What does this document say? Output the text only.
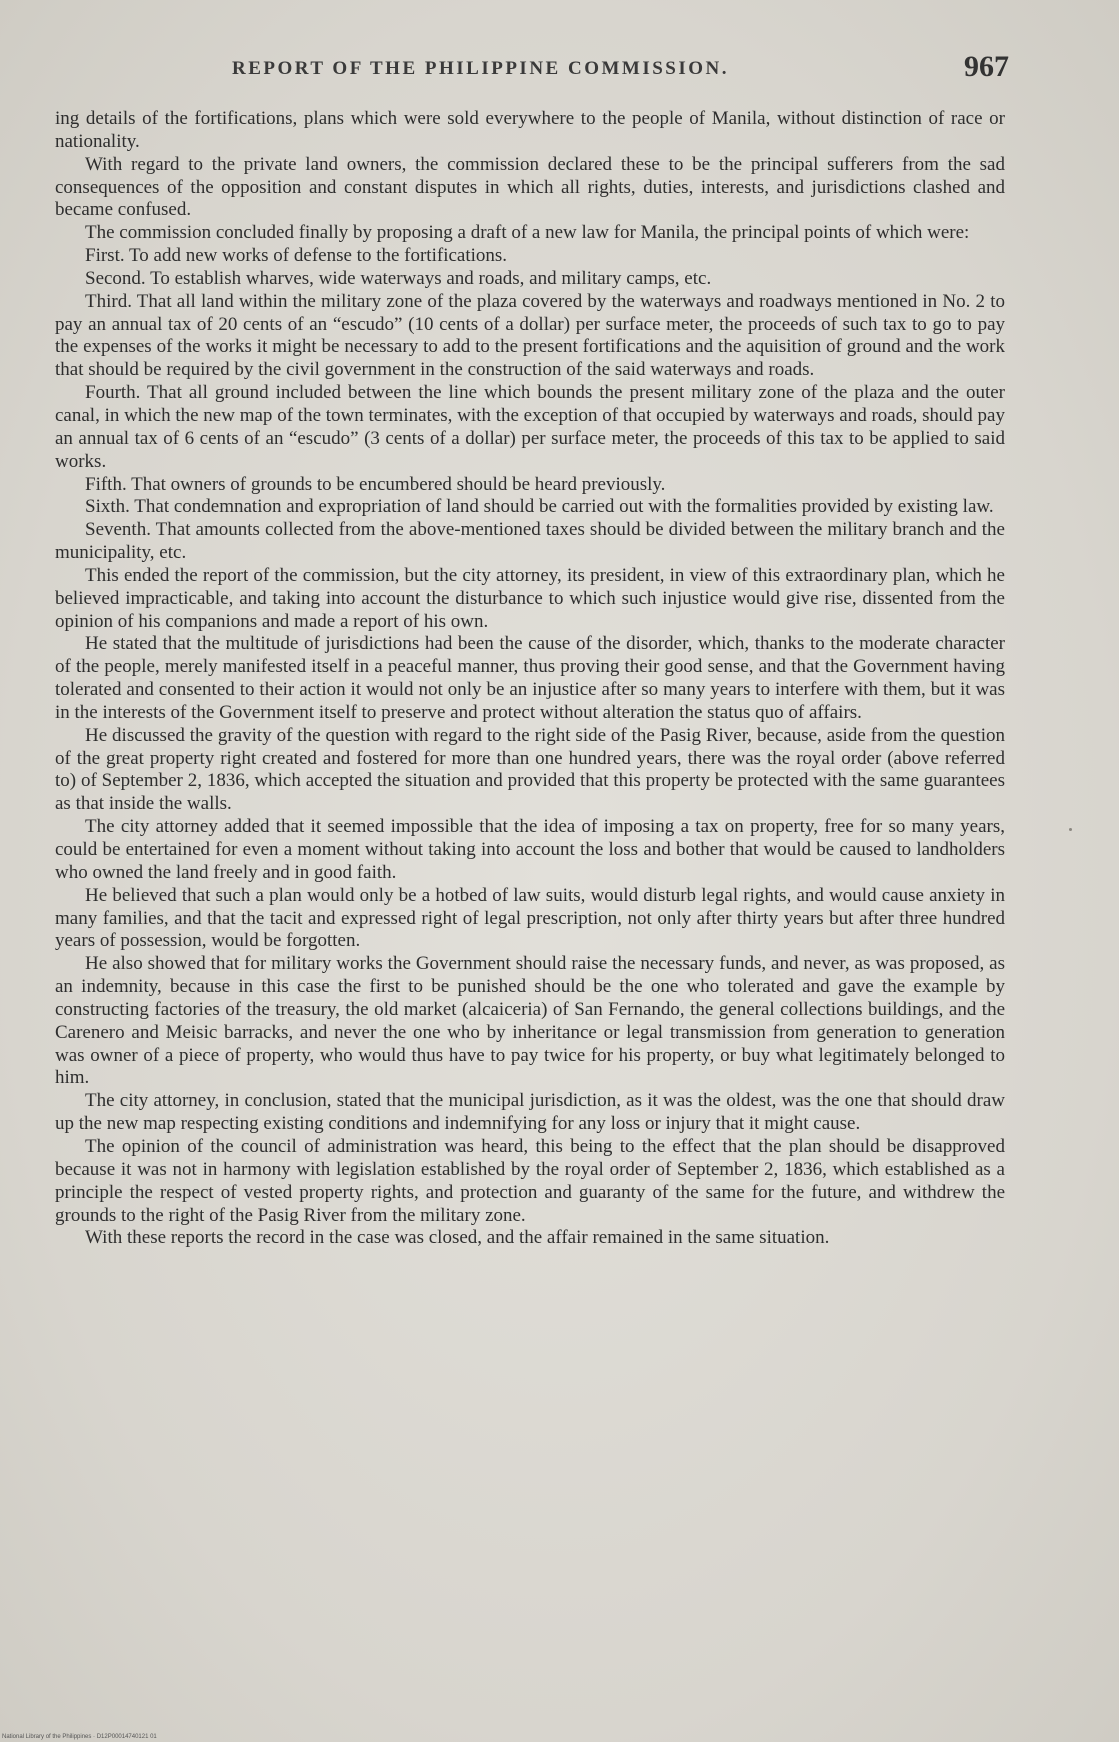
REPORT OF THE PHILIPPINE COMMISSION.	967

ing details of the fortifications, plans which were sold everywhere to the people of Manila, without distinction of race or nationality.

With regard to the private land owners, the commission declared these to be the principal sufferers from the sad consequences of the opposition and constant disputes in which all rights, duties, interests, and jurisdictions clashed and became confused.

The commission concluded finally by proposing a draft of a new law for Manila, the principal points of which were:

First. To add new works of defense to the fortifications.

Second. To establish wharves, wide waterways and roads, and military camps, etc.

Third. That all land within the military zone of the plaza covered by the waterways and roadways mentioned in No. 2 to pay an annual tax of 20 cents of an “escudo” (10 cents of a dollar) per surface meter, the proceeds of such tax to go to pay the expenses of the works it might be necessary to add to the present fortifications and the aquisition of ground and the work that should be required by the civil government in the construction of the said waterways and roads.

Fourth. That all ground included between the line which bounds the present military zone of the plaza and the outer canal, in which the new map of the town terminates, with the exception of that occupied by waterways and roads, should pay an annual tax of 6 cents of an “escudo” (3 cents of a dollar) per surface meter, the proceeds of this tax to be applied to said works.

Fifth. That owners of grounds to be encumbered should be heard previously.

Sixth. That condemnation and expropriation of land should be carried out with the formalities provided by existing law.

Seventh. That amounts collected from the above-mentioned taxes should be divided between the military branch and the municipality, etc.

This ended the report of the commission, but the city attorney, its president, in view of this extraordinary plan, which he believed impracticable, and taking into account the disturbance to which such injustice would give rise, dissented from the opinion of his companions and made a report of his own.

He stated that the multitude of jurisdictions had been the cause of the disorder, which, thanks to the moderate character of the people, merely manifested itself in a peaceful manner, thus proving their good sense, and that the Government having tolerated and consented to their action it would not only be an injustice after so many years to interfere with them, but it was in the interests of the Government itself to preserve and protect without alteration the status quo of affairs.

He discussed the gravity of the question with regard to the right side of the Pasig River, because, aside from the question of the great property right created and fostered for more than one hundred years, there was the royal order (above referred to) of September 2, 1836, which accepted the situation and provided that this property be protected with the same guarantees as that inside the walls.

The city attorney added that it seemed impossible that the idea of imposing a tax on property, free for so many years, could be entertained for even a moment without taking into account the loss and bother that would be caused to landholders who owned the land freely and in good faith.

He believed that such a plan would only be a hotbed of law suits, would disturb legal rights, and would cause anxiety in many families, and that the tacit and expressed right of legal prescription, not only after thirty years but after three hundred years of possession, would be forgotten.

He also showed that for military works the Government should raise the necessary funds, and never, as was proposed, as an indemnity, because in this case the first to be punished should be the one who tolerated and gave the example by constructing factories of the treasury, the old market (alcaiceria) of San Fernando, the general collections buildings, and the Carenero and Meisic barracks, and never the one who by inheritance or legal transmission from generation to generation was owner of a piece of property, who would thus have to pay twice for his property, or buy what legitimately belonged to him.

The city attorney, in conclusion, stated that the municipal jurisdiction, as it was the oldest, was the one that should draw up the new map respecting existing conditions and indemnifying for any loss or injury that it might cause.

The opinion of the council of administration was heard, this being to the effect that the plan should be disapproved because it was not in harmony with legislation established by the royal order of September 2, 1836, which established as a principle the respect of vested property rights, and protection and guaranty of the same for the future, and withdrew the grounds to the right of the Pasig River from the military zone.

With these reports the record in the case was closed, and the affair remained in the same situation.

National Library of the Philippines · D12P00014740121 01
